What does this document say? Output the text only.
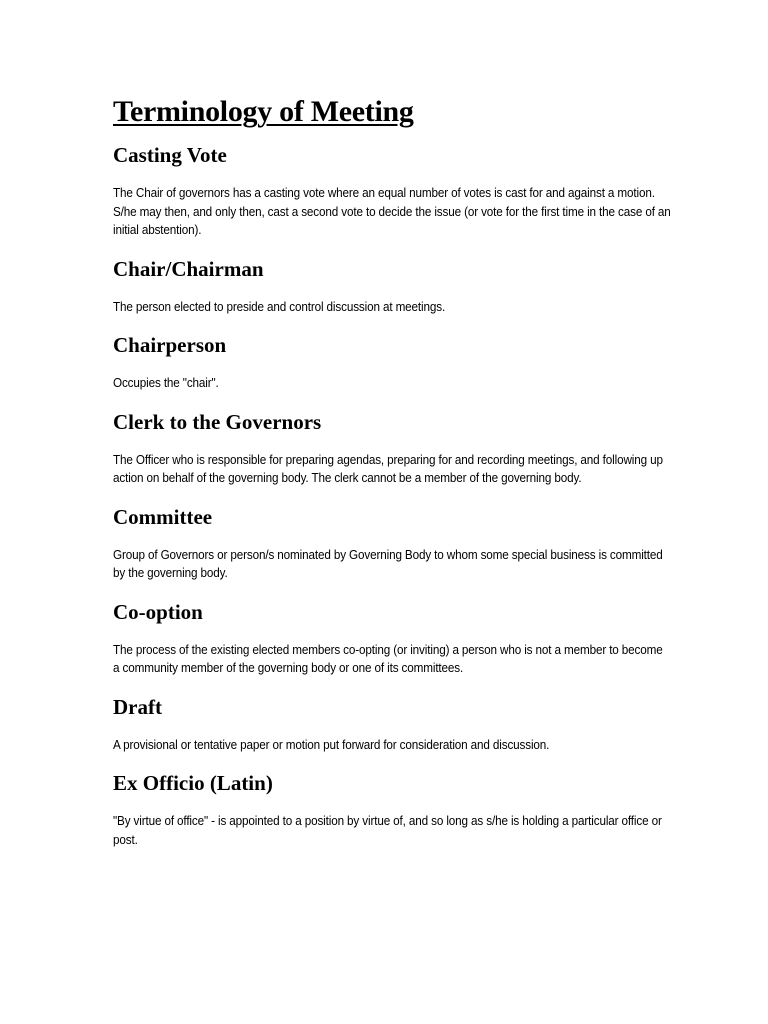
Terminology of Meeting
Casting Vote

The Chair of governors has a casting vote where an equal number of votes is cast for and against a motion. S/he may then, and only then, cast a second vote to decide the issue (or vote for the first time in the case of an initial abstention).

Chair/Chairman

The person elected to preside and control discussion at meetings.

Chairperson

Occupies the "chair".

Clerk to the Governors

The Officer who is responsible for preparing agendas, preparing for and recording meetings, and following up action on behalf of the governing body. The clerk cannot be a member of the governing body.

Committee

Group of Governors or person/s nominated by Governing Body to whom some special business is committed by the governing body.

Co-option

The process of the existing elected members co-opting (or inviting) a person who is not a member to become a community member of the governing body or one of its committees.

Draft

A provisional or tentative paper or motion put forward for consideration and discussion.

Ex Officio (Latin)

"By virtue of office" - is appointed to a position by virtue of, and so long as s/he is holding a particular office or post.
